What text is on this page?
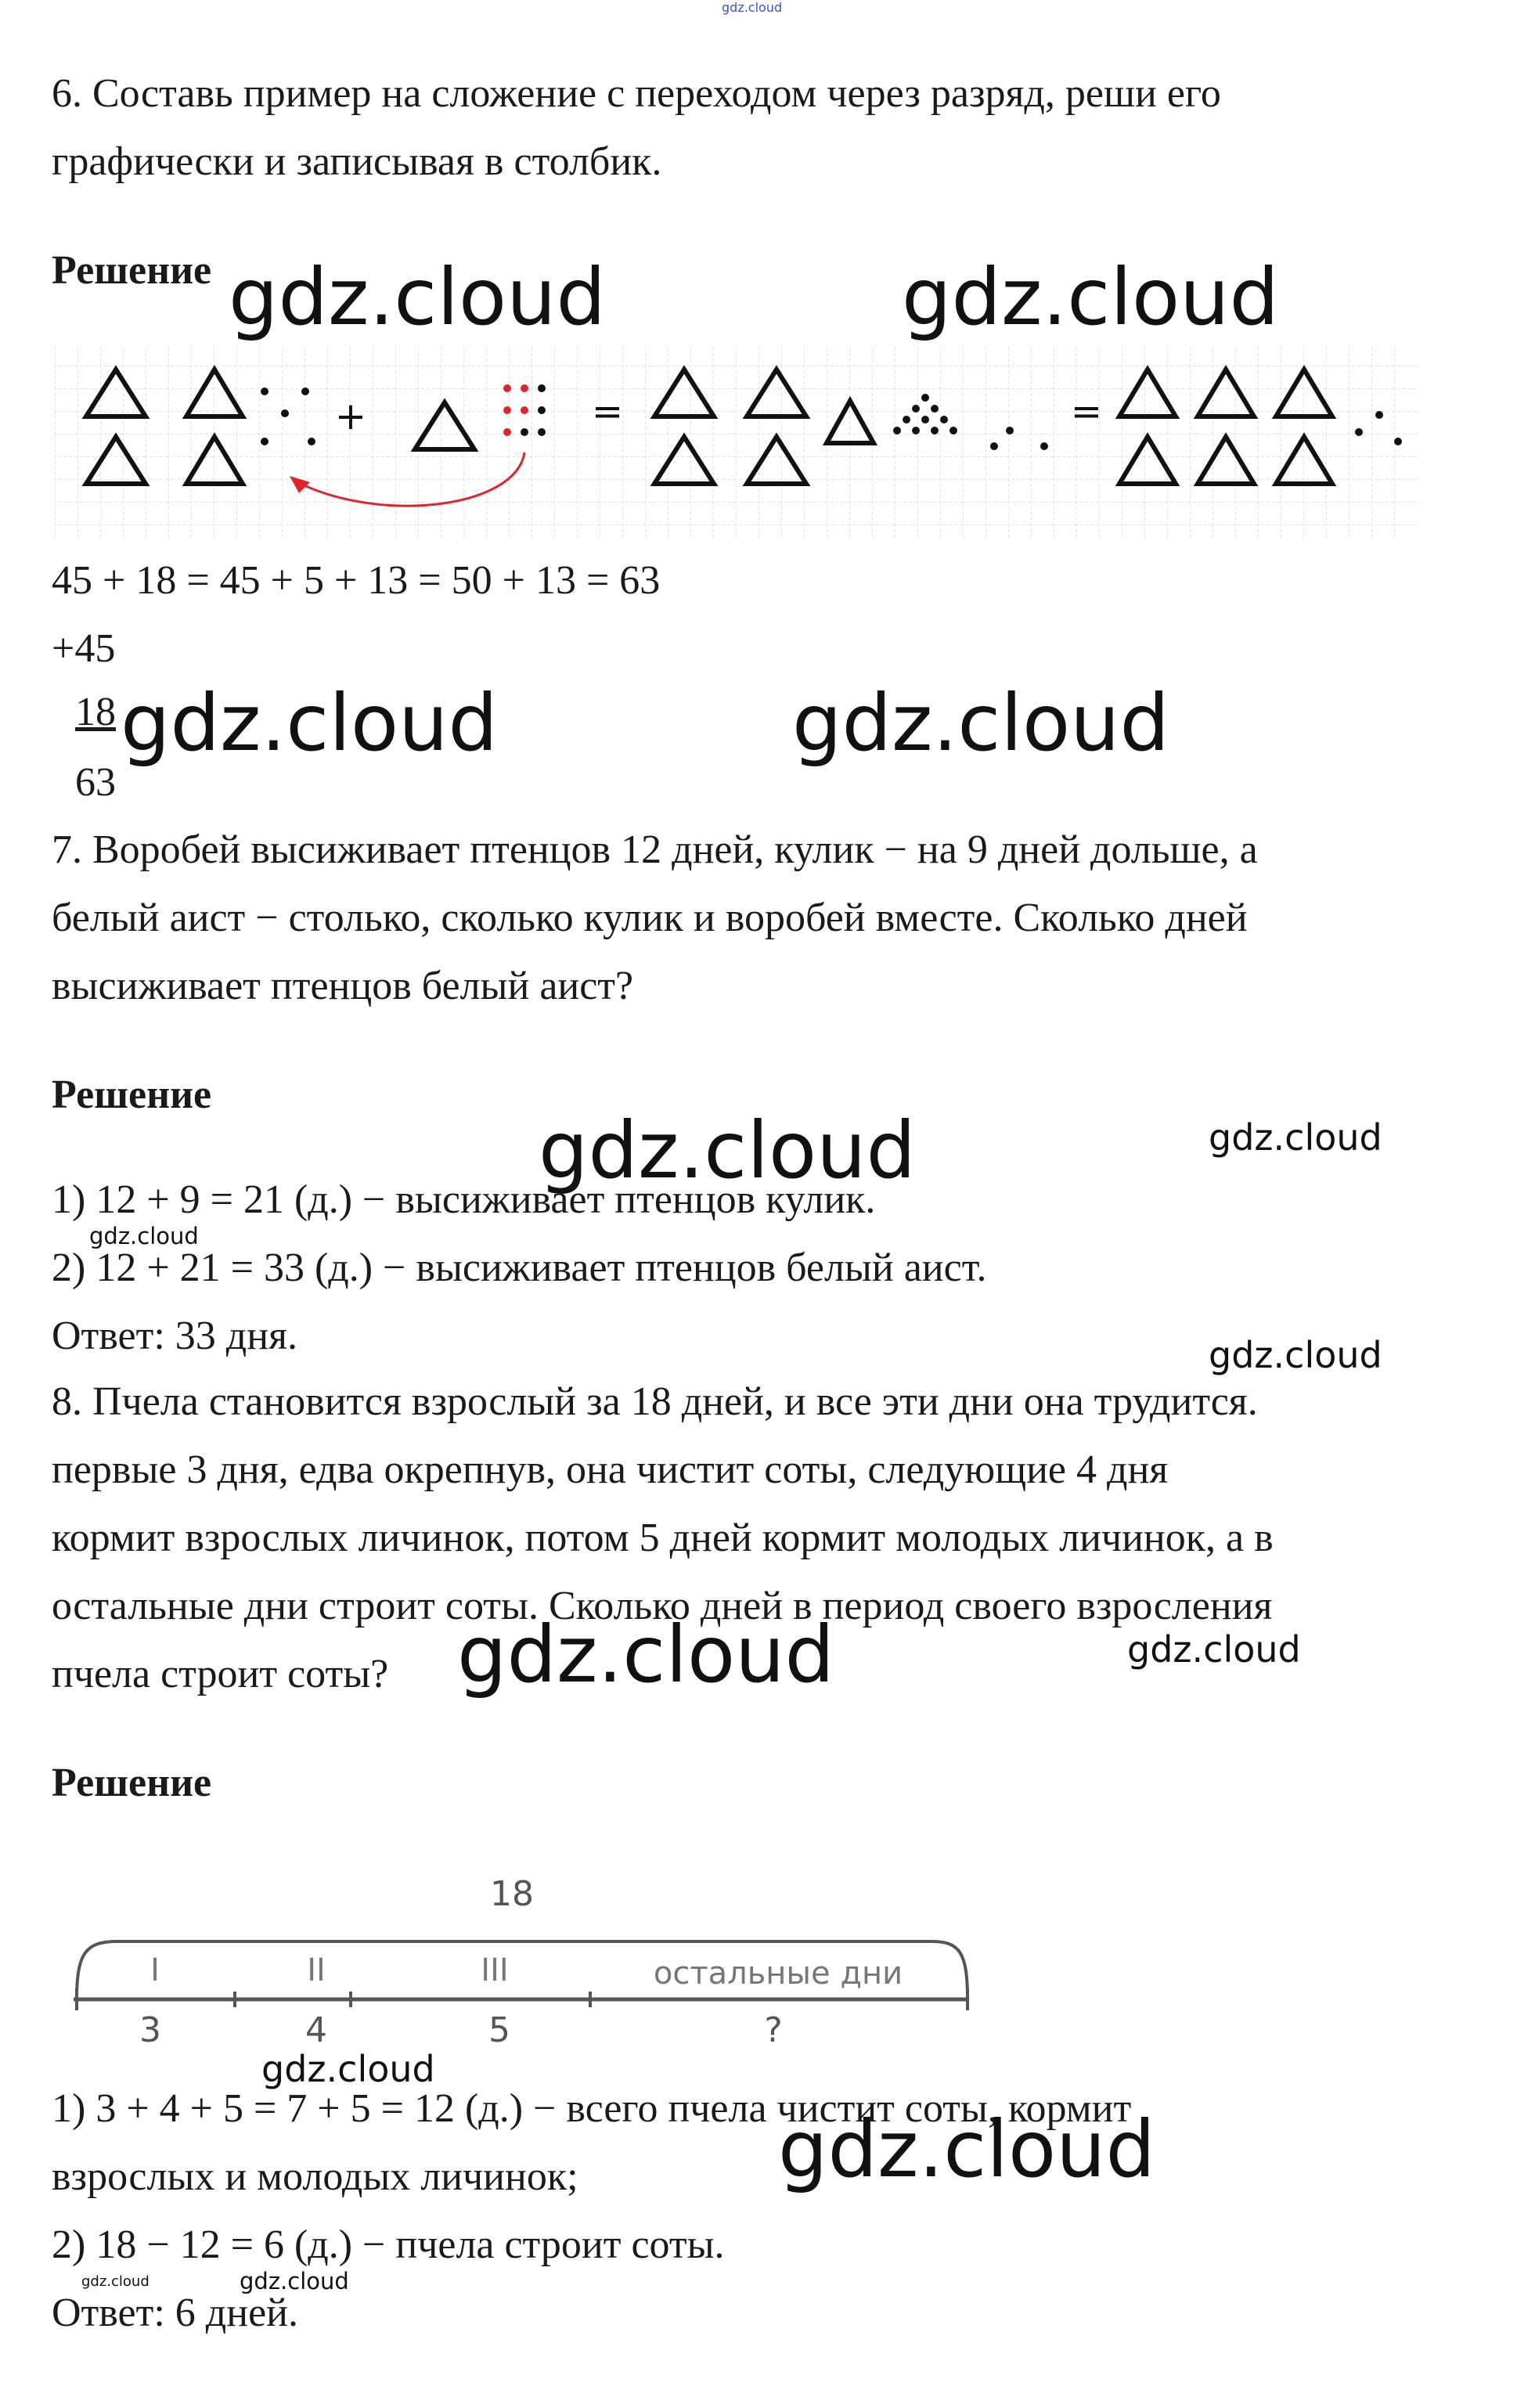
gdz.cloud
6. Составь пример на сложение с переходом через разряд, реши его
графически и записывая в столбик.
Решение gdz.cloud	gdz.cloud
+	=	=
45 + 18 = 45 + 5 + 13 = 50 + 13 = 63
+45
18
63
gdz.cloud	gdz.cloud
7. Воробей высиживает птенцов 12 дней, кулик − на 9 дней дольше, а
белый аист − столько, сколько кулик и воробей вместе. Сколько дней
высиживает птенцов белый аист?
Решение
gdz.cloud	gdz.cloud
1) 12 + 9 = 21 (д.) − высиживает птенцов кулик.
gdz.cloud
2) 12 + 21 = 33 (д.) − высиживает птенцов белый аист.
Ответ: 33 дня.	gdz.cloud
8. Пчела становится взрослый за 18 дней, и все эти дни она трудится.
первые 3 дня, едва окрепнув, она чистит соты, следующие 4 дня
кормит взрослых личинок, потом 5 дней кормит молодых личинок, а в
остальные дни строит соты. Сколько дней в период своего взросления
пчела строит соты? gdz.cloud	gdz.cloud
Решение
18
I	II	III	остальные дни
3	4	5	?
gdz.cloud
1) 3 + 4 + 5 = 7 + 5 = 12 (д.) − всего пчела чистит соты, кормит
взрослых и молодых личинок;	gdz.cloud
2) 18 − 12 = 6 (д.) − пчела строит соты.
gdz.cloud	gdz.cloud
Ответ: 6 дней.
